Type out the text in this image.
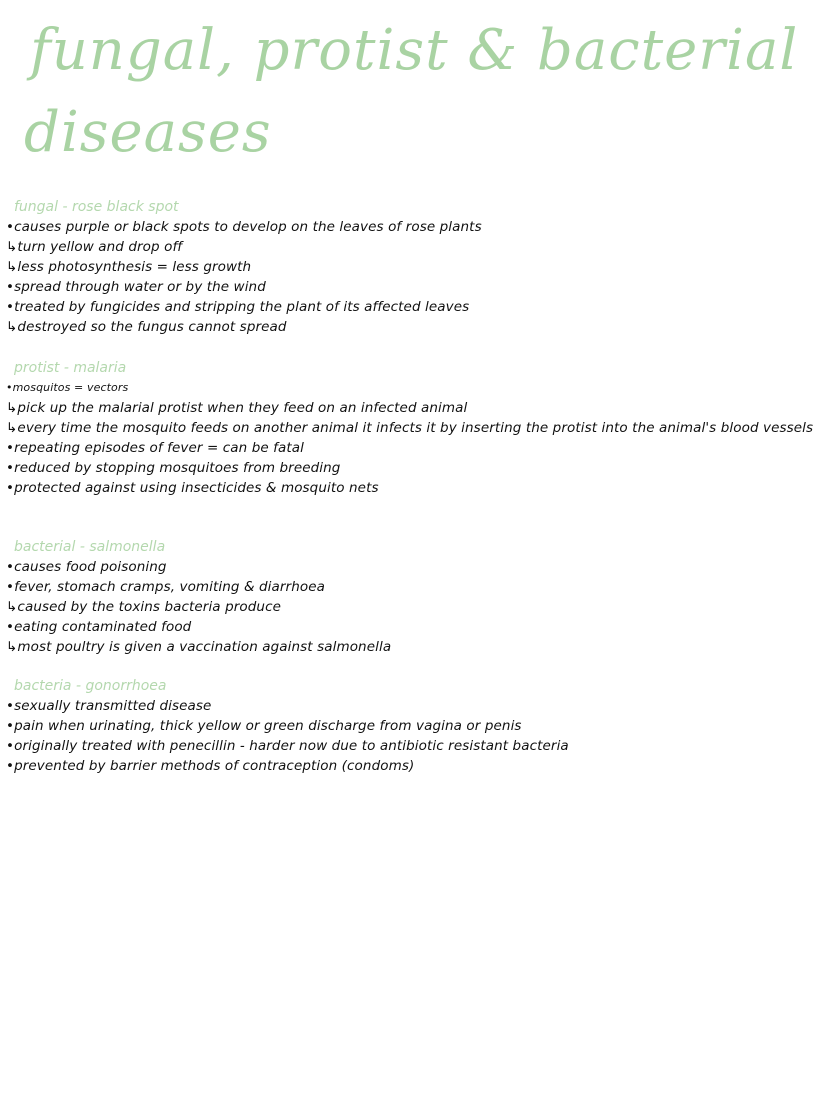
fungal, protist & bacterial
diseases
fungal - rose black spot
• causes purple or black spots to develop on the leaves of rose plants
↳ turn yellow and drop off
↳ less photosynthesis = less growth
• spread through water or by the wind
• treated by fungicides and stripping the plant of its affected leaves
↳ destroyed so the fungus cannot spread
protist - malaria
• mosquitos = vectors
↳ pick up the malarial protist when they feed on an infected animal
↳ every time the mosquito feeds on another animal it infects it by inserting the protist into the animal's blood vessels
• repeating episodes of fever = can be fatal
• reduced by stopping mosquitoes from breeding
• protected against using insecticides & mosquito nets
bacterial - salmonella
• causes food poisoning
• fever, stomach cramps, vomiting & diarrhoea
↳ caused by the toxins bacteria produce
• eating contaminated food
↳ most poultry is given a vaccination against salmonella
bacteria - gonorrhoea
• sexually transmitted disease
• pain when urinating, thick yellow or green discharge from vagina or penis
• originally treated with penecillin - harder now due to antibiotic resistant bacteria
• prevented by barrier methods of contraception (condoms)
